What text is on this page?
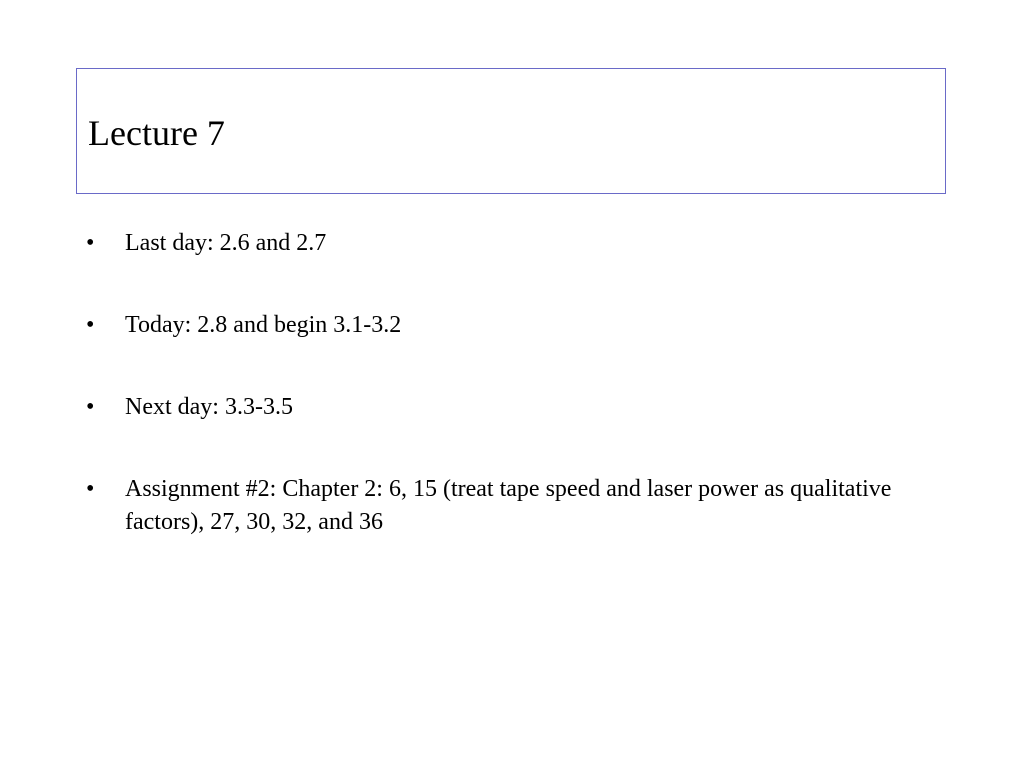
Lecture 7
• Last day: 2.6 and 2.7
• Today: 2.8 and begin 3.1-3.2
• Next day: 3.3-3.5
• Assignment #2: Chapter 2: 6, 15 (treat tape speed and laser power as qualitative factors), 27, 30, 32, and 36
